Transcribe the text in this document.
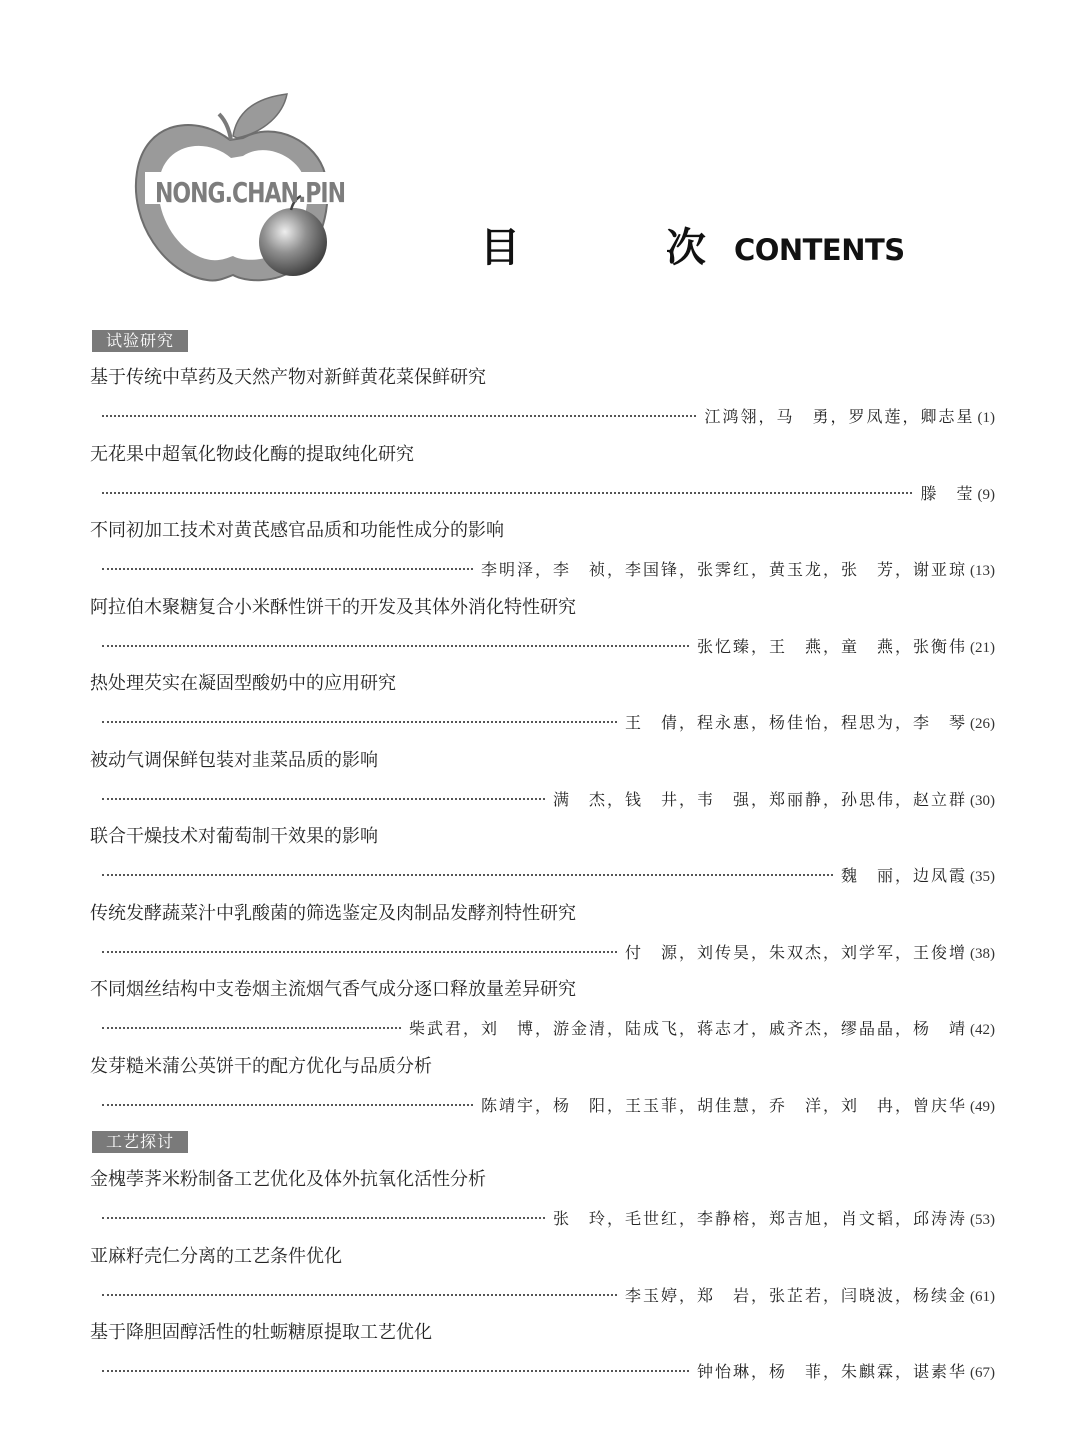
NONG.CHAN.PIN
目 次
CONTENTS
试验研究
基于传统中草药及天然产物对新鲜黄花菜保鲜研究
江鸿翎，马　勇，罗凤莲，卿志星 (1)
无花果中超氧化物歧化酶的提取纯化研究
滕　莹 (9)
不同初加工技术对黄芪感官品质和功能性成分的影响
李明泽，李　祯，李国锋，张霁红，黄玉龙，张　芳，谢亚琼 (13)
阿拉伯木聚糖复合小米酥性饼干的开发及其体外消化特性研究
张忆臻，王　燕，童　燕，张衡伟 (21)
热处理芡实在凝固型酸奶中的应用研究
王　倩，程永惠，杨佳怡，程思为，李　琴 (26)
被动气调保鲜包装对韭菜品质的影响
满　杰，钱　井，韦　强，郑丽静，孙思伟，赵立群 (30)
联合干燥技术对葡萄制干效果的影响
魏　丽，边凤霞 (35)
传统发酵蔬菜汁中乳酸菌的筛选鉴定及肉制品发酵剂特性研究
付　源，刘传昊，朱双杰，刘学军，王俊增 (38)
不同烟丝结构中支卷烟主流烟气香气成分逐口释放量差异研究
柴武君，刘　博，游金清，陆成飞，蒋志才，戚齐杰，缪晶晶，杨　靖 (42)
发芽糙米蒲公英饼干的配方优化与品质分析
陈靖宇，杨　阳，王玉菲，胡佳慧，乔　洋，刘　冉，曾庆华 (49)
工艺探讨
金槐荸荠米粉制备工艺优化及体外抗氧化活性分析
张　玲，毛世红，李静榕，郑吉旭，肖文韬，邱涛涛 (53)
亚麻籽壳仁分离的工艺条件优化
李玉婷，郑　岩，张芷若，闫晓波，杨续金 (61)
基于降胆固醇活性的牡蛎糖原提取工艺优化
钟怡琳，杨　菲，朱麒霖，谌素华 (67)
